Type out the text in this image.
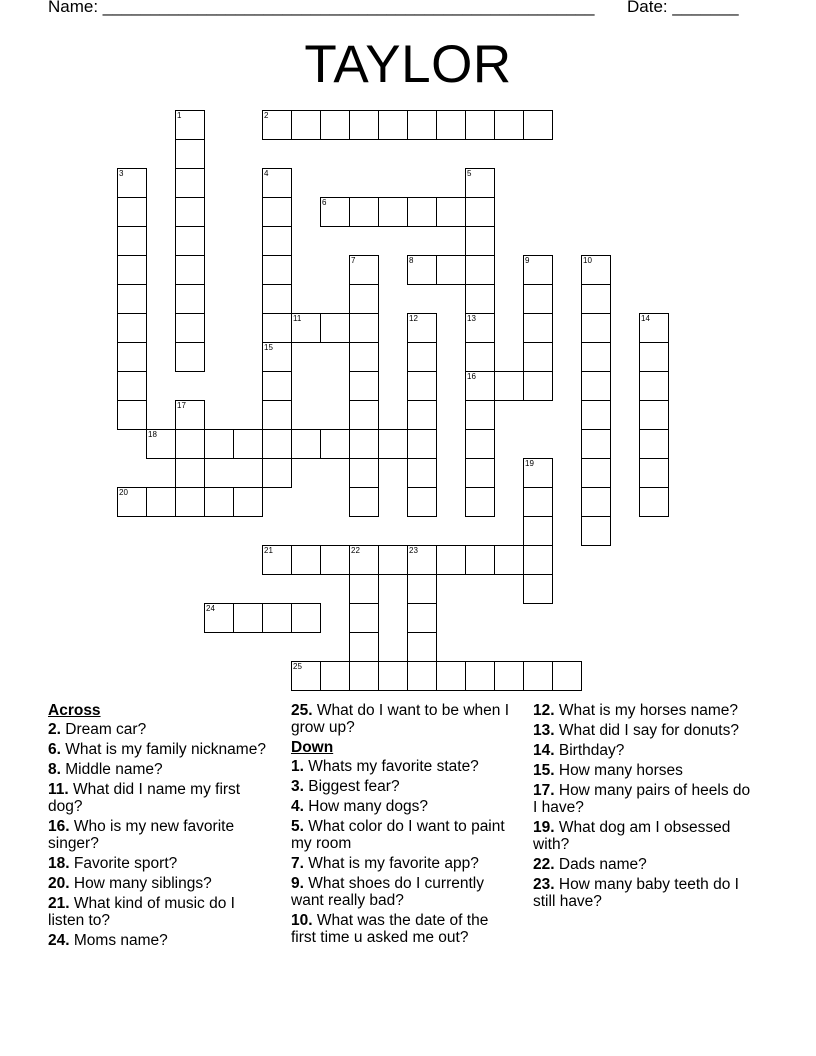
Name: ____________________________________________________ Date: _______
TAYLOR
1	2
3	4	5
6
7	8	9	10
11	12	13
16
14
15
17
18
19
20
21	22	23
24
25
Across
2. Dream car?
6. What is my family nickname?
8. Middle name?
11. What did I name my first dog?
16. Who is my new favorite singer?
18. Favorite sport?
20. How many siblings?
21. What kind of music do I listen to?
24. Moms name?
25. What do I want to be when I grow up?
Down
1. Whats my favorite state?
3. Biggest fear?
4. How many dogs?
5. What color do I want to paint my room
7. What is my favorite app?
9. What shoes do I currently want really bad?
10. What was the date of the first time u asked me out?
12. What is my horses name?
13. What did I say for donuts?
14. Birthday?
15. How many horses
17. How many pairs of heels do I have?
19. What dog am I obsessed with?
22. Dads name?
23. How many baby teeth do I still have?
